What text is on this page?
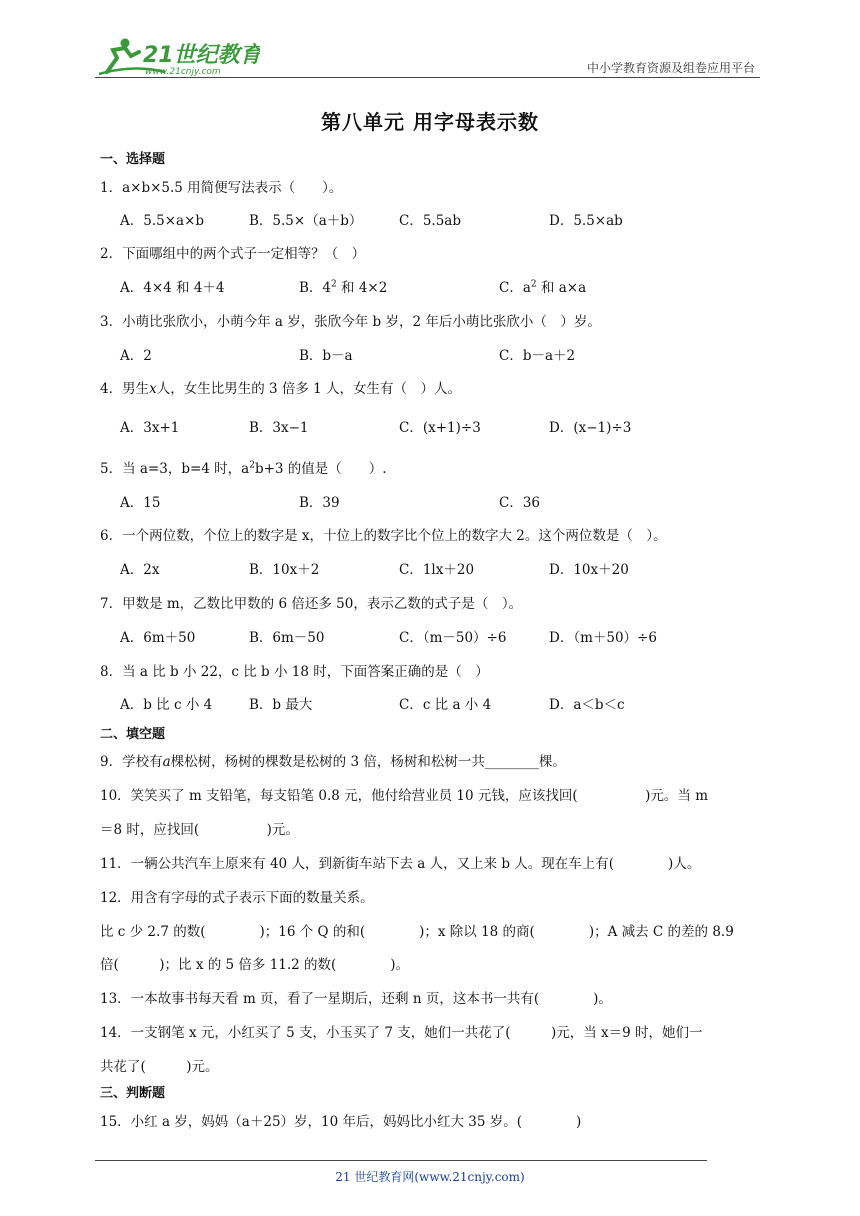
21世纪教育
www.21cnjy.com	中小学教育资源及组卷应用平台
第八单元 用字母表示数
一、选择题
1．a×b×5.5 用简便写法表示（　　）。
A．5.5×a×b	B．5.5×（a＋b）	C．5.5ab	D．5.5×ab
2．下面哪组中的两个式子一定相等？（　）
A．4×4 和 4＋4	B．$4^2$ 和 4×2	C．$a^2$ 和 a×a
3．小萌比张欣小，小萌今年 a 岁，张欣今年 b 岁，2 年后小萌比张欣小（　）岁。
A．2	B．b－a	C．b－a＋2
4．男生x人，女生比男生的 3 倍多 1 人，女生有（　）人。
A．3x+1	B．3x−1	C．(x+1)÷3	D．(x−1)÷3
5．当 a=3，b=4 时，$a^2b+3$ 的值是（　　）.
A．15	B．39	C．36
6．一个两位数，个位上的数字是 x，十位上的数字比个位上的数字大 2。这个两位数是（　）。
A．2x	B．10x＋2	C．1lx＋20	D．10x＋20
7．甲数是 m，乙数比甲数的 6 倍还多 50，表示乙数的式子是（　）。
A．6m＋50	B．6m－50	C．（m－50）÷6	D．（m＋50）÷6
8．当 a 比 b 小 22，c 比 b 小 18 时，下面答案正确的是（　）
A．b 比 c 小 4	B．b 最大	C．c 比 a 小 4	D．a＜b＜c
二、填空题
9．学校有a棵松树，杨树的棵数是松树的 3 倍，杨树和松树一共________棵。
10．笑笑买了 m 支铅笔，每支铅笔 0.8 元，他付给营业员 10 元钱，应该找回(　　　　　)元。当 m
＝8 时，应找回(　　　　　)元。
11．一辆公共汽车上原来有 40 人，到新街车站下去 a 人，又上来 b 人。现在车上有(　　　　)人。
12．用含有字母的式子表示下面的数量关系。
比 c 少 2.7 的数(　　　　)；16 个 Q 的和(　　　　)；x 除以 18 的商(　　　　)；A 减去 C 的差的 8.9
倍(　　　)；比 x 的 5 倍多 11.2 的数(　　　　)。
13．一本故事书每天看 m 页，看了一星期后，还剩 n 页，这本书一共有(　　　　)。
14．一支钢笔 x 元，小红买了 5 支，小玉买了 7 支，她们一共花了(　　　)元，当 x＝9 时，她们一
共花了(　　　)元。
三、判断题
15．小红 a 岁，妈妈（a＋25）岁，10 年后，妈妈比小红大 35 岁。(　　　　)
21 世纪教育网(www.21cnjy.com)
